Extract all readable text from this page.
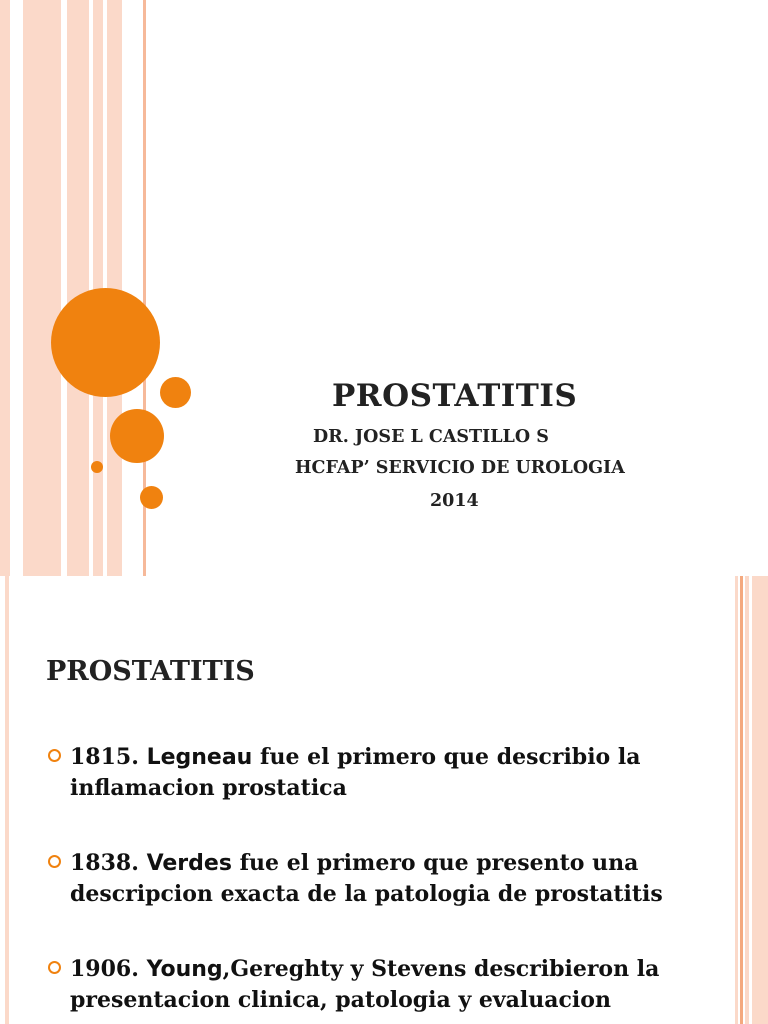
PROSTATITIS
DR. JOSE L CASTILLO S
HCFAP’ SERVICIO DE UROLOGIA
2014
PROSTATITIS
1815. Legneau fue el primero que describio la inflamacion prostatica
1838. Verdes fue el primero que presento una descripcion exacta de la patologia de prostatitis
1906. Young,Gereghty y Stevens describieron la presentacion clinica, patologia y evaluacion
